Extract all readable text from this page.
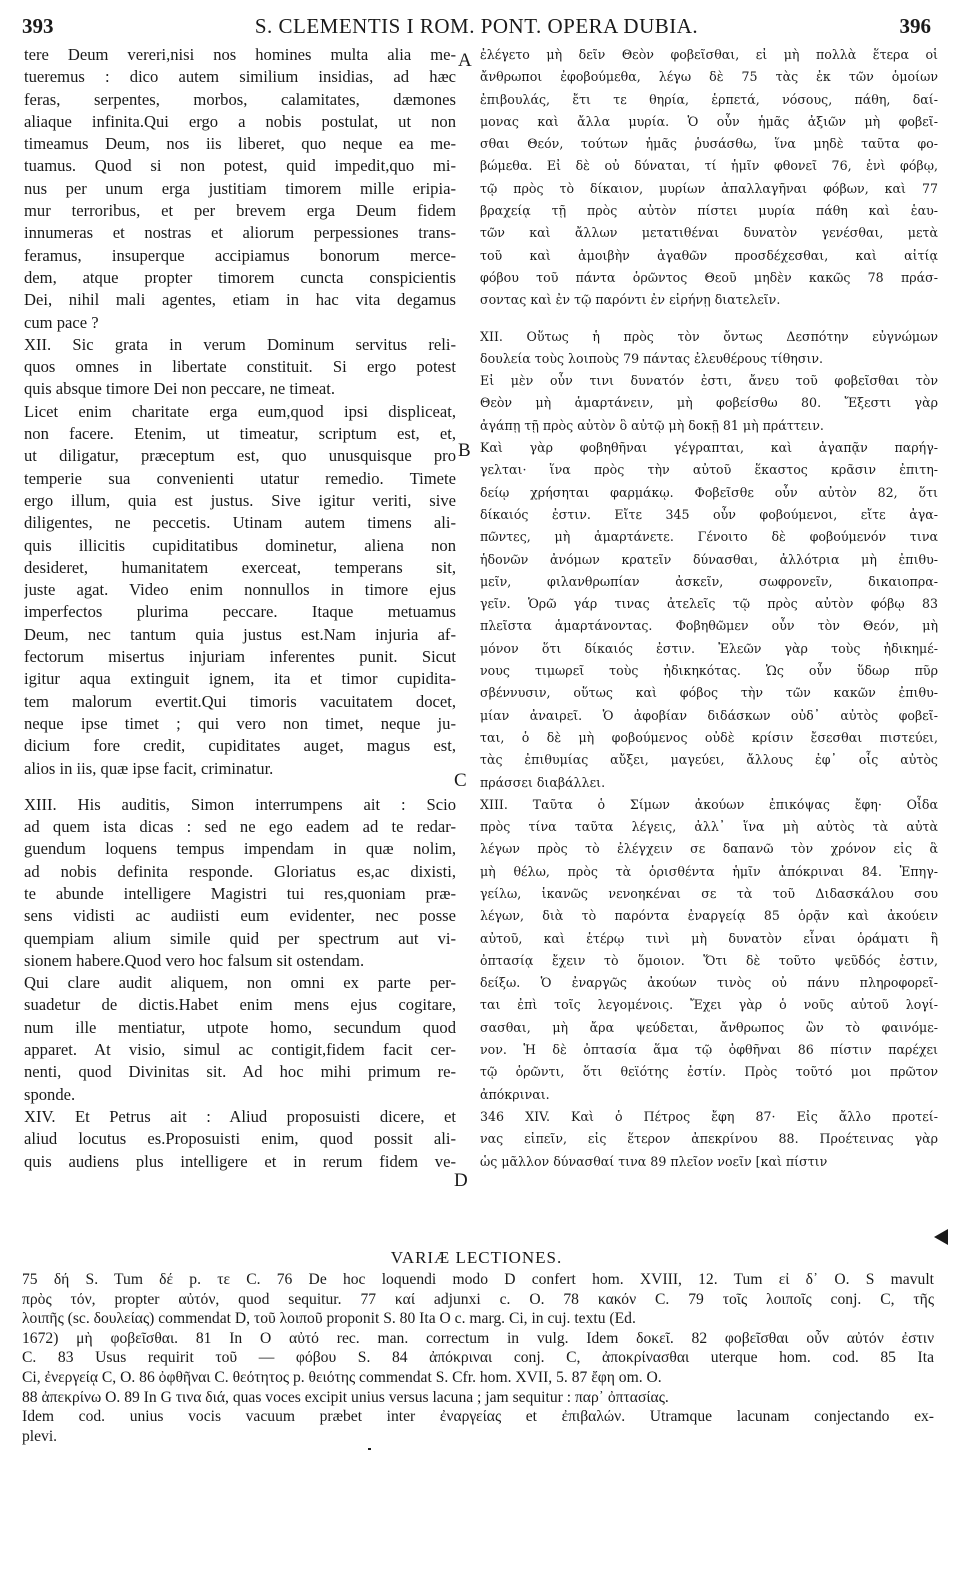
393	S. CLEMENTIS I ROM. PONT. OPERA DUBIA.	396
tere Deum vereri,nisi nos homines multa alia me-
tueremus : dico autem similium insidias, ad hæc
feras, serpentes, morbos, calamitates, dæmones
aliaque infinita.Qui ergo a nobis postulat, ut non
timeamus Deum, nos iis liberet, quo neque ea me-
tuamus. Quod si non potest, quid impedit,quo mi-
nus per unum erga justitiam timorem mille eripia-
mur terroribus, et per brevem erga Deum fidem
innumeras et nostras et aliorum perpessiones trans-
feramus, insuperque accipiamus bonorum merce-
dem, atque propter timorem cuncta conspicientis
Dei, nihil mali agentes, etiam in hac vita degamus
cum pace ?
XII. Sic grata in verum Dominum servitus reli-
quos omnes in libertate constituit. Si ergo potest
quis absque timore Dei non peccare, ne timeat.
Licet enim charitate erga eum,quod ipsi displiceat,
non facere. Etenim, ut timeatur, scriptum est, et,
ut diligatur, præceptum est, quo unusquisque pro
temperie sua convenienti utatur remedio. Timete
ergo illum, quia est justus. Sive igitur veriti, sive
diligentes, ne peccetis. Utinam autem timens ali-
quis illicitis cupiditatibus dominetur, aliena non
desideret, humanitatem exerceat, temperans sit,
juste agat. Video enim nonnullos in timore ejus
imperfectos plurima peccare. Itaque metuamus
Deum, nec tantum quia justus est.Nam injuria af-
fectorum misertus injuriam inferentes punit. Sicut
igitur aqua extinguit ignem, ita et timor cupidita-
tem malorum evertit.Qui timoris vacuitatem docet,
neque ipse timet ; qui vero non timet, neque ju-
dicium fore credit, cupiditates auget, magus est,
alios in iis, quæ ipse facit, criminatur.
XIII. His auditis, Simon interrumpens ait : Scio
ad quem ista dicas : sed ne ego eadem ad te redar-
guendum loquens tempus impendam in quæ nolim,
ad nobis definita responde. Gloriatus es,ac dixisti,
te abunde intelligere Magistri tui res,quoniam præ-
sens vidisti ac audiisti eum evidenter, nec posse
quempiam alium simile quid per spectrum aut vi-
sionem habere.Quod vero hoc falsum sit ostendam.
Qui clare audit aliquem, non omni ex parte per-
suadetur de dictis.Habet enim mens ejus cogitare,
num ille mentiatur, utpote homo, secundum quod
apparet. At visio, simul ac contigit,fidem facit cer-
nenti, quod Divinitas sit. Ad hoc mihi primum re-
sponde.
XIV. Et Petrus ait : Aliud proposuisti dicere, et
aliud locutus es.Proposuisti enim, quod possit ali-
quis audiens plus intelligere et in rerum fidem ve-
ἐλέγετο μὴ δεῖν Θεὸν φοβεῖσθαι, εἰ μὴ πολλὰ ἕτερα οἱ
ἄνθρωποι ἐφοβούμεθα, λέγω δὲ 75 τὰς ἐκ τῶν ὁμοίων
ἐπιβουλάς, ἔτι τε θηρία, ἑρπετά, νόσους, πάθη, δαί-
μονας καὶ ἄλλα μυρία. Ὁ οὖν ἡμᾶς ἀξιῶν μὴ φοβεῖ-
σθαι Θεόν, τούτων ἡμᾶς ῥυσάσθω, ἵνα μηδὲ ταῦτα φο-
βώμεθα. Εἰ δὲ οὐ δύναται, τί ἡμῖν φθονεῖ 76, ἑνὶ φόβῳ,
τῷ πρὸς τὸ δίκαιον, μυρίων ἀπαλλαγῆναι φόβων, καὶ 77
βραχείᾳ τῇ πρὸς αὐτὸν πίστει μυρία πάθη καὶ ἑαυ-
τῶν καὶ ἄλλων μετατιθέναι δυνατὸν γενέσθαι, μετὰ
τοῦ καὶ ἀμοιβὴν ἀγαθῶν προσδέχεσθαι, καὶ αἰτίᾳ
φόβου τοῦ πάντα ὁρῶντος Θεοῦ μηδὲν κακῶς 78 πράσ-
σοντας καὶ ἐν τῷ παρόντι ἐν εἰρήνῃ διατελεῖν.
XII. Οὕτως ἡ πρὸς τὸν ὄντως Δεσπότην εὐγνώμων
δουλεία τοὺς λοιποὺς 79 πάντας ἐλευθέρους τίθησιν.
Εἰ μὲν οὖν τινι δυνατόν ἐστι, ἄνευ τοῦ φοβεῖσθαι τὸν
Θεὸν μὴ ἁμαρτάνειν, μὴ φοβείσθω 80. Ἔξεστι γὰρ
ἀγάπῃ τῇ πρὸς αὐτὸν ὃ αὐτῷ μὴ δοκῇ 81 μὴ πράττειν.
Καὶ γὰρ φοβηθῆναι γέγραπται, καὶ ἀγαπᾷν παρήγ-
γελται· ἵνα πρὸς τὴν αὐτοῦ ἕκαστος κρᾶσιν ἐπιτη-
δείῳ χρήσηται φαρμάκῳ. Φοβεῖσθε οὖν αὐτὸν 82, ὅτι
δίκαιός ἐστιν. Εἴτε 345 οὖν φοβούμενοι, εἴτε ἀγα-
πῶντες, μὴ ἁμαρτάνετε. Γένοιτο δὲ φοβούμενόν τινα
ἡδονῶν ἀνόμων κρατεῖν δύνασθαι, ἀλλότρια μὴ ἐπιθυ-
μεῖν, φιλανθρωπίαν ἀσκεῖν, σωφρονεῖν, δικαιοπρα-
γεῖν. Ὁρῶ γάρ τινας ἀτελεῖς τῷ πρὸς αὐτὸν φόβῳ 83
πλεῖστα ἁμαρτάνοντας. Φοβηθῶμεν οὖν τὸν Θεόν, μὴ
μόνον ὅτι δίκαιός ἐστιν. Ἐλεῶν γὰρ τοὺς ἠδικημέ-
νους τιμωρεῖ τοὺς ἠδικηκότας. Ὡς οὖν ὕδωρ πῦρ
σβέννυσιν, οὕτως καὶ φόβος τὴν τῶν κακῶν ἐπιθυ-
μίαν ἀναιρεῖ. Ὁ ἀφοβίαν διδάσκων οὐδ᾽ αὐτὸς φοβεῖ-
ται, ὁ δὲ μὴ φοβούμενος οὐδὲ κρίσιν ἔσεσθαι πιστεύει,
τὰς ἐπιθυμίας αὔξει, μαγεύει, ἄλλους ἐφ᾽ οἷς αὐτὸς
πράσσει διαβάλλει.
XIII. Ταῦτα ὁ Σίμων ἀκούων ἐπικόψας ἔφη· Οἶδα
πρὸς τίνα ταῦτα λέγεις, ἀλλ᾽ ἵνα μὴ αὐτὸς τὰ αὐτὰ
λέγων πρὸς τὸ ἐλέγχειν σε δαπανῶ τὸν χρόνον εἰς ἃ
μὴ θέλω, πρὸς τὰ ὁρισθέντα ἡμῖν ἀπόκριναι 84. Ἐπηγ-
γείλω, ἱκανῶς νενοηκέναι σε τὰ τοῦ Διδασκάλου σου
λέγων, διὰ τὸ παρόντα ἐναργείᾳ 85 ὁρᾷν καὶ ἀκούειν
αὐτοῦ, καὶ ἑτέρῳ τινὶ μὴ δυνατὸν εἶναι ὁράματι ἢ
ὀπτασίᾳ ἔχειν τὸ ὅμοιον. Ὅτι δὲ τοῦτο ψεῦδός ἐστιν,
δείξω. Ὁ ἐναργῶς ἀκούων τινὸς οὐ πάνυ πληροφορεῖ-
ται ἐπὶ τοῖς λεγομένοις. Ἔχει γὰρ ὁ νοῦς αὐτοῦ λογί-
σασθαι, μὴ ἄρα ψεύδεται, ἄνθρωπος ὢν τὸ φαινόμε-
νον. Ἡ δὲ ὀπτασία ἅμα τῷ ὀφθῆναι 86 πίστιν παρέχει
τῷ ὁρῶντι, ὅτι θεϊότης ἐστίν. Πρὸς τοῦτό μοι πρῶτον
ἀπόκριναι.
346 XIV. Καὶ ὁ Πέτρος ἔφη 87· Εἰς ἄλλο προτεί-
νας εἰπεῖν, εἰς ἕτερον ἀπεκρίνου 88. Προέτεινας γὰρ
ὡς μᾶλλον δύνασθαί τινα 89 πλεῖον νοεῖν [καὶ πίστιν
A
B
C
D
VARIÆ LECTIONES.
75 δή S. Tum δέ p. τε C. 76 De hoc loquendi modo D confert hom. XVIII, 12. Tum εἰ δ᾽ O. S mavult
πρὸς τόν, propter αὐτόν, quod sequitur. 77 καί adjunxi c. O. 78 κακόν C. 79 τοῖς λοιποῖς conj. C, τῆς
λοιπῆς (sc. δουλείας) commendat D, τοῦ λοιποῦ proponit S. 80 Ita O c. marg. Ci, in cuj. textu (Ed.
1672) μὴ φοβεῖσθαι. 81 In O αὐτό rec. man. correctum in vulg. Idem δοκεῖ. 82 φοβεῖσθαι οὖν αὐτόν ἐστιν
C. 83 Usus requirit τοῦ — φόβου S. 84 ἀπόκριναι conj. C, ἀποκρίνασθαι uterque hom. cod. 85 Ita
Ci, ἐνεργείᾳ C, O. 86 ὀφθῆναι C. θεότητος p. θειότης commendat S. Cfr. hom. XVII, 5. 87 ἔφη om. O.
88 ἀπεκρίνω O. 89 In G τινα διά, quas voces excipit unius versus lacuna ; jam sequitur : παρ᾽ ὀπτασίας.
Idem cod. unius vocis vacuum præbet inter ἐναργείας et ἐπιβαλών. Utramque lacunam conjectando ex-
plevi.
